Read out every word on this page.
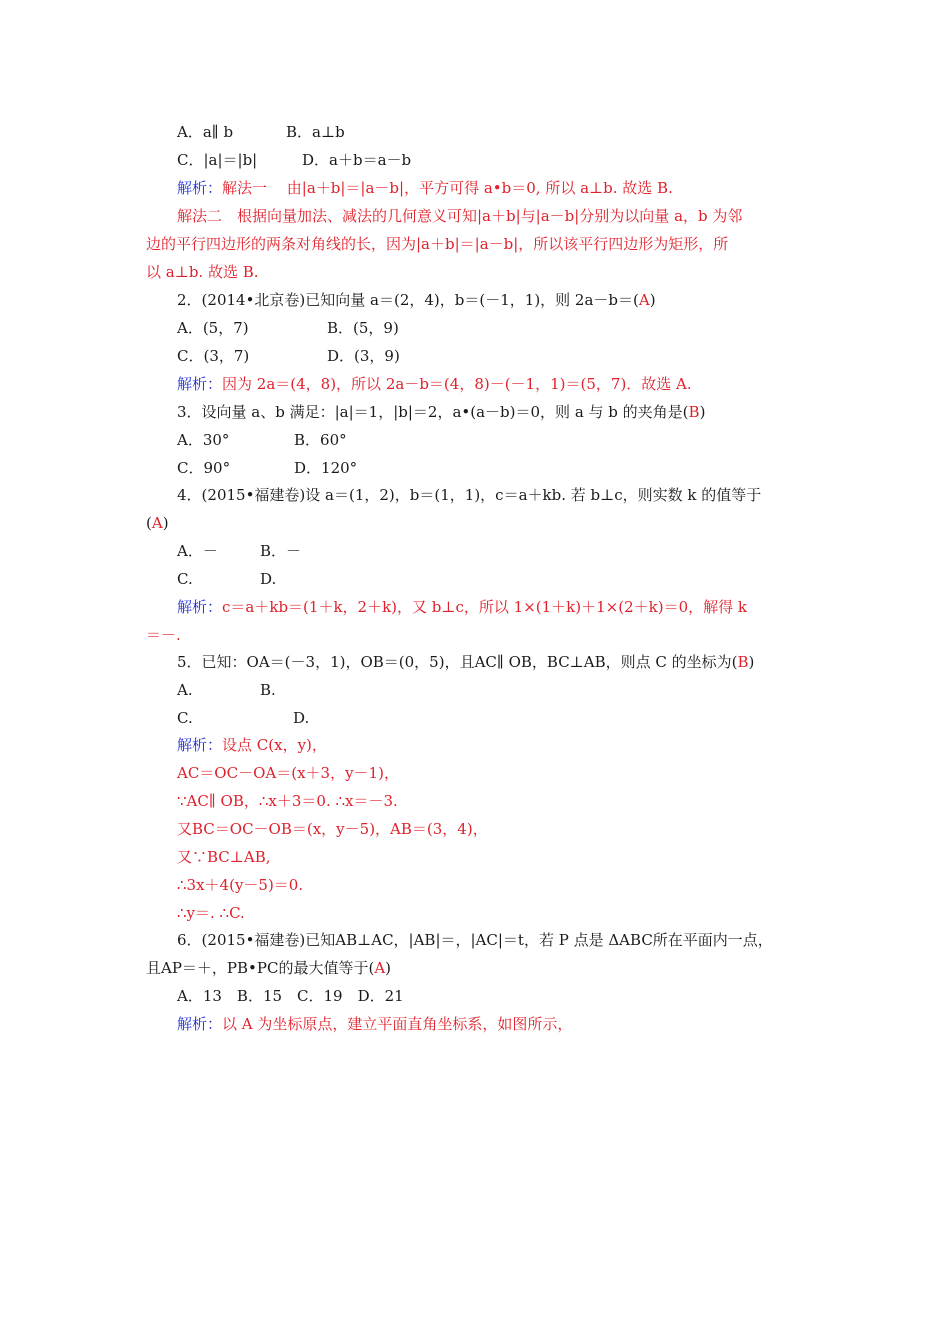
A．a∥ b	B．a⊥b
C．|a|＝|b|	D．a＋b＝a－b
解析：解法一　 由|a＋b|＝|a－b|，平方可得 a•b＝0, 所以 a⊥b. 故选 B.
解法二　根据向量加法、减法的几何意义可知|a＋b|与|a－b|分别为以向量 a，b 为邻
边的平行四边形的两条对角线的长，因为|a＋b|＝|a－b|，所以该平行四边形为矩形，所
以 a⊥b. 故选 B.
2．(2014•北京卷)已知向量 a＝(2，4)，b＝(－1，1)，则 2a－b＝(A)
A．(5，7)	B．(5，9)
C．(3，7)	D．(3，9)
解析：因为 2a＝(4，8)，所以 2a－b＝(4，8)－(－1，1)＝(5，7)．故选 A.
3．设向量 a、b 满足：|a|＝1，|b|＝2，a•(a－b)＝0，则 a 与 b 的夹角是(B)
A．30°	B．60°
C．90°	D．120°
4．(2015•福建卷)设 a＝(1，2)，b＝(1，1)，c＝a＋kb. 若 b⊥c，则实数 k 的值等于
(A)
A．－	B．－
C.	D.
解析：c＝a＋kb＝(1＋k，2＋k)，又 b⊥c，所以 1×(1＋k)＋1×(2＋k)＝0，解得 k
＝－.
5．已知：OA＝(－3，1)，OB＝(0，5)，且AC∥ OB，BC⊥AB，则点 C 的坐标为(B)
A.	B.
C.	D.
解析：设点 C(x，y)，
AC＝OC－OA＝(x＋3，y－1)，
∵AC∥ OB，∴x＋3＝0. ∴x＝－3.
又BC＝OC－OB＝(x，y－5)，AB＝(3，4)，
又∵BC⊥AB,
∴3x＋4(y－5)＝0.
∴y＝. ∴C.
6．(2015•福建卷)已知AB⊥AC，|AB|＝，|AC|＝t，若 P 点是 ΔABC所在平面内一点，
且AP＝＋，PB•PC的最大值等于(A)
A．13　B．15　C．19　D．21
解析：以 A 为坐标原点，建立平面直角坐标系，如图所示，
